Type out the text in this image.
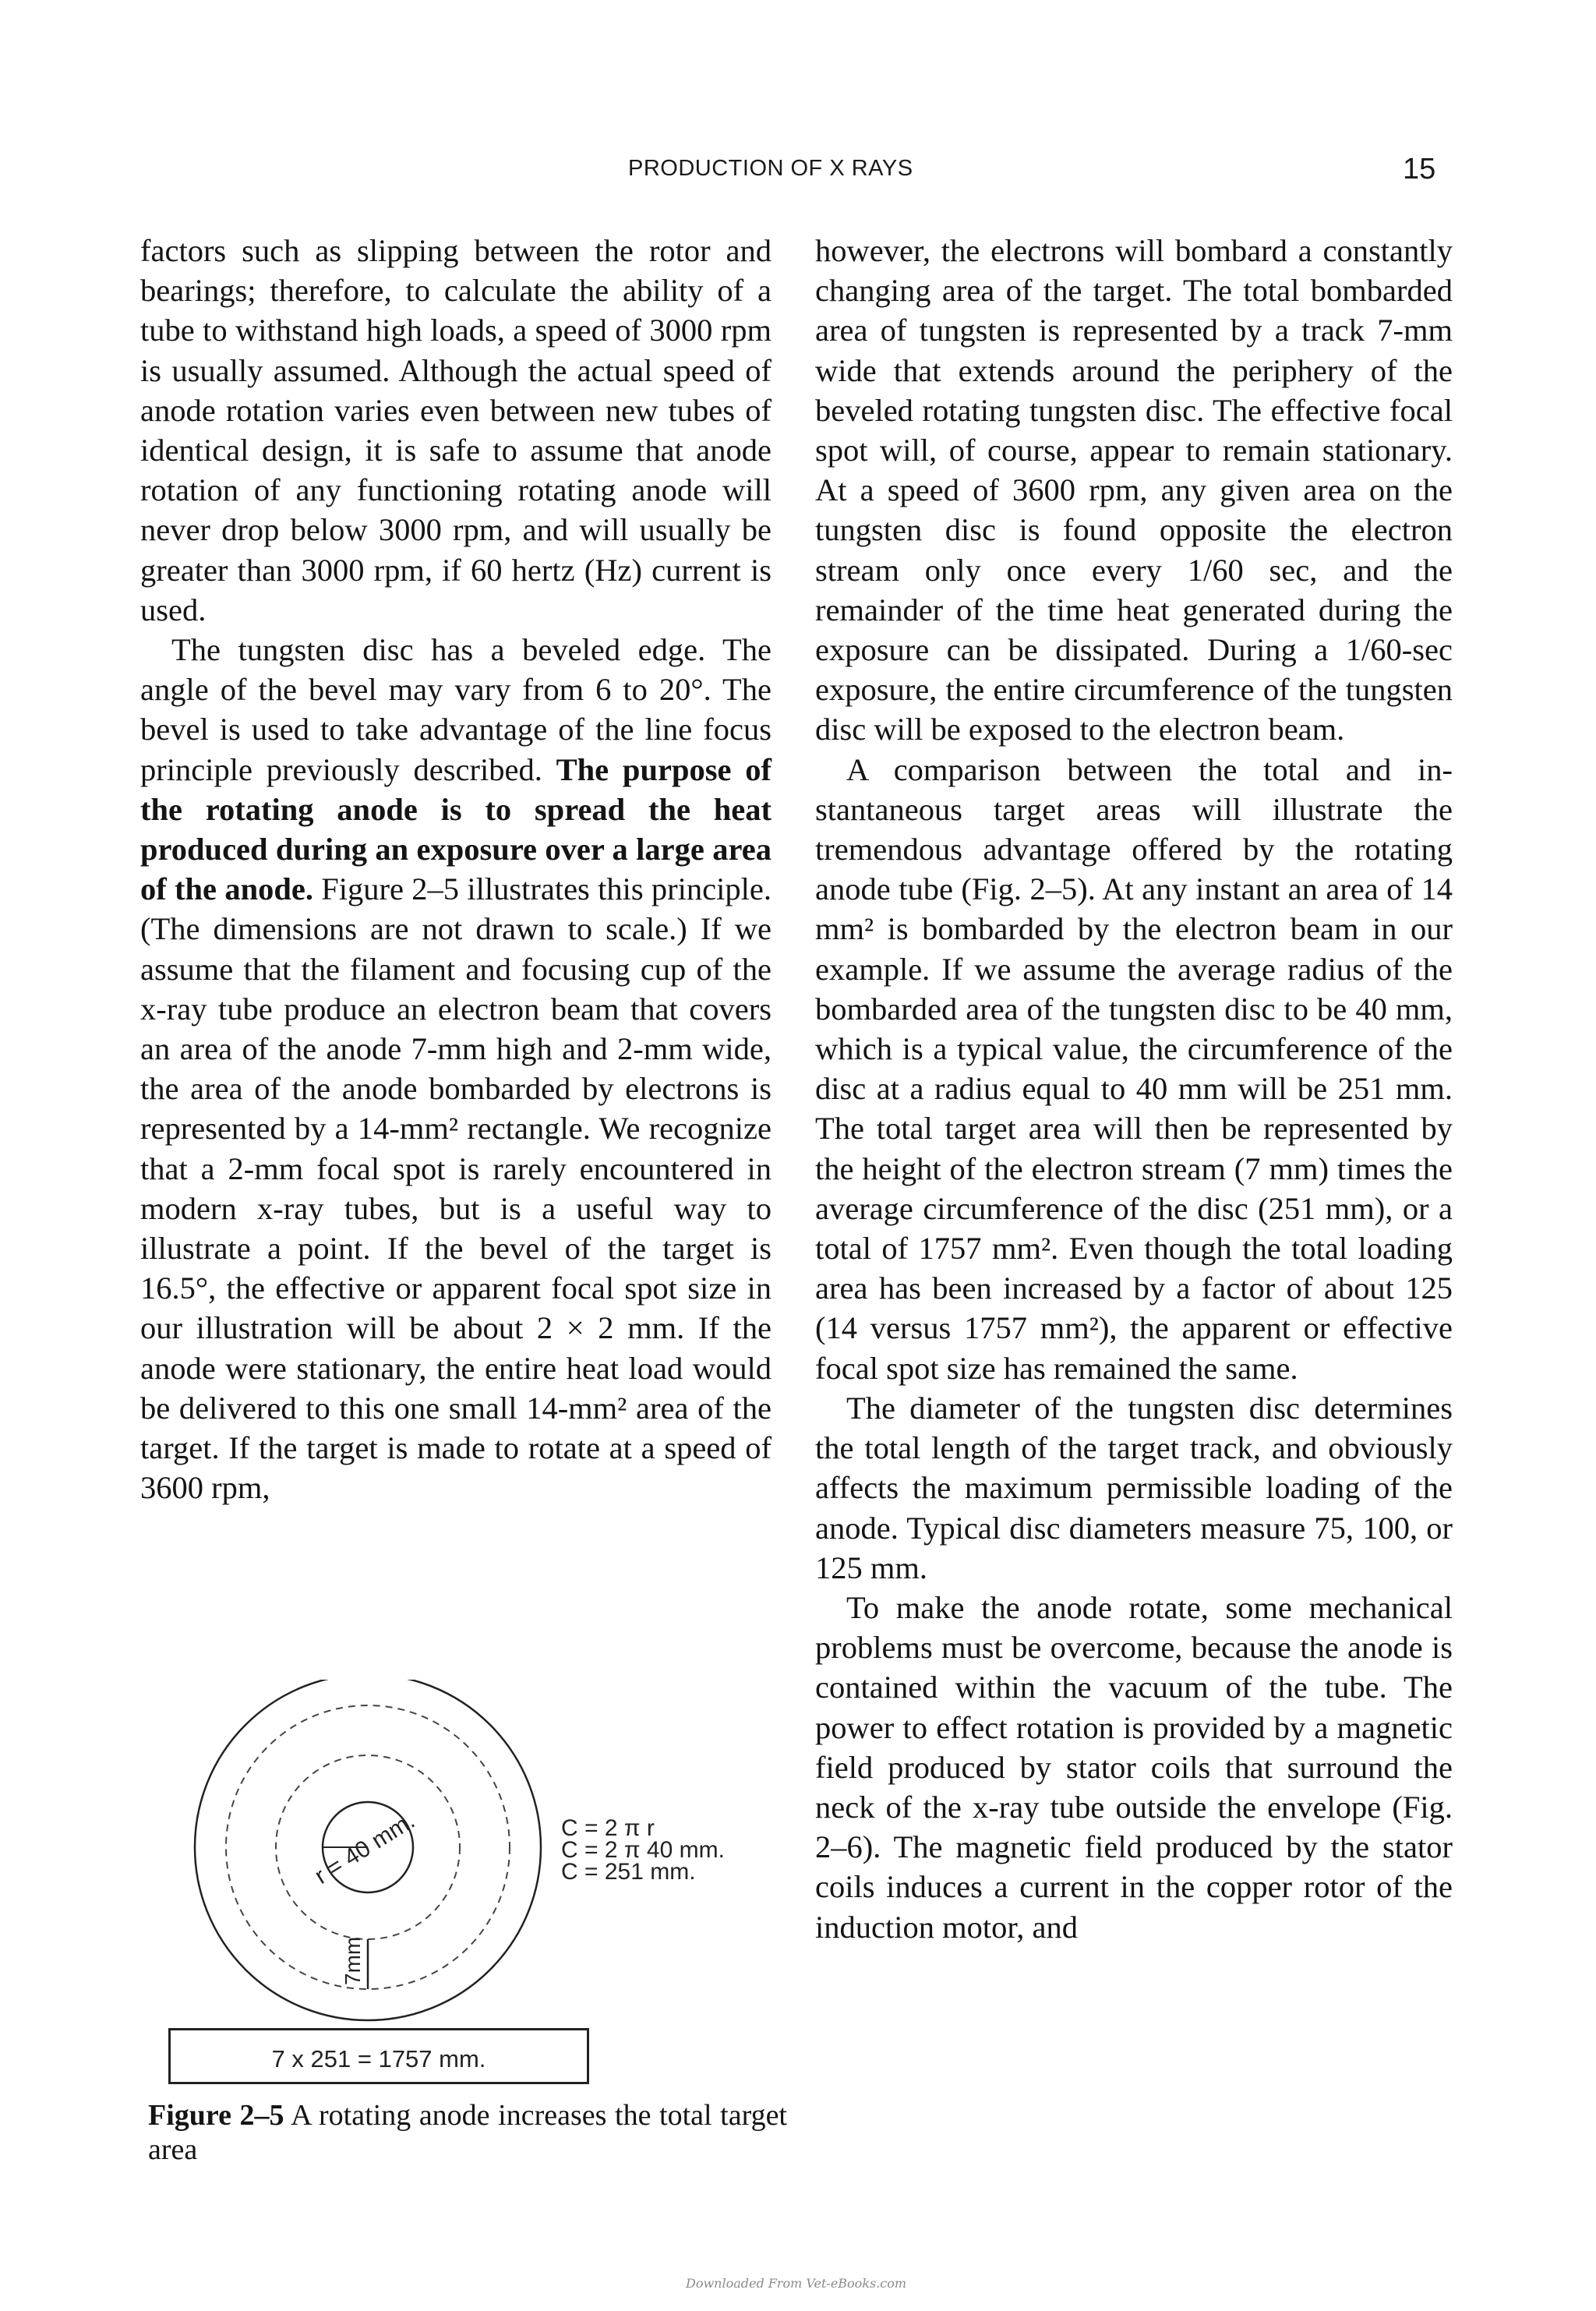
PRODUCTION OF X RAYS	15

factors such as slipping between the rotor and bearings; therefore, to calculate the ability of a tube to withstand high loads, a speed of 3000 rpm is usually assumed. Although the actual speed of anode rotation varies even between new tubes of identical design, it is safe to assume that anode rotation of any functioning rotating anode will never drop below 3000 rpm, and will usually be greater than 3000 rpm, if 60 hertz (Hz) current is used.

The tungsten disc has a beveled edge. The angle of the bevel may vary from 6 to 20°. The bevel is used to take advantage of the line focus principle previously described. The purpose of the rotating anode is to spread the heat produced during an exposure over a large area of the anode. Figure 2–5 illustrates this principle. (The dimensions are not drawn to scale.) If we assume that the filament and focusing cup of the x-ray tube produce an electron beam that covers an area of the anode 7-mm high and 2-mm wide, the area of the anode bombarded by electrons is represented by a 14-mm² rectangle. We recognize that a 2-mm focal spot is rarely encountered in modern x-ray tubes, but is a useful way to illustrate a point. If the bevel of the target is 16.5°, the effective or apparent focal spot size in our illustration will be about 2 × 2 mm. If the anode were stationary, the entire heat load would be delivered to this one small 14-mm² area of the target. If the target is made to rotate at a speed of 3600 rpm,

however, the electrons will bombard a constantly changing area of the target. The total bombarded area of tungsten is represented by a track 7-mm wide that extends around the periphery of the beveled rotating tungsten disc. The effective focal spot will, of course, appear to remain stationary. At a speed of 3600 rpm, any given area on the tungsten disc is found opposite the electron stream only once every 1/60 sec, and the remainder of the time heat generated during the exposure can be dissipated. During a 1/60-sec exposure, the entire circumference of the tungsten disc will be exposed to the electron beam.

A comparison between the total and instantaneous target areas will illustrate the tremendous advantage offered by the rotating anode tube (Fig. 2–5). At any instant an area of 14 mm² is bombarded by the electron beam in our example. If we assume the average radius of the bombarded area of the tungsten disc to be 40 mm, which is a typical value, the circumference of the disc at a radius equal to 40 mm will be 251 mm. The total target area will then be represented by the height of the electron stream (7 mm) times the average circumference of the disc (251 mm), or a total of 1757 mm². Even though the total loading area has been increased by a factor of about 125 (14 versus 1757 mm²), the apparent or effective focal spot size has remained the same.

The diameter of the tungsten disc determines the total length of the target track, and obviously affects the maximum permissible loading of the anode. Typical disc diameters measure 75, 100, or 125 mm.

To make the anode rotate, some mechanical problems must be overcome, because the anode is contained within the vacuum of the tube. The power to effect rotation is provided by a magnetic field produced by stator coils that surround the neck of the x-ray tube outside the envelope (Fig. 2–6). The magnetic field produced by the stator coils induces a current in the copper rotor of the induction motor, and

r = 40 mm.
7mm
C = 2 π r
C = 2 π 40 mm.
C = 251 mm.
7 x 251 = 1757 mm.
Figure 2–5 A rotating anode increases the total target area
Downloaded From Vet-eBooks.com
